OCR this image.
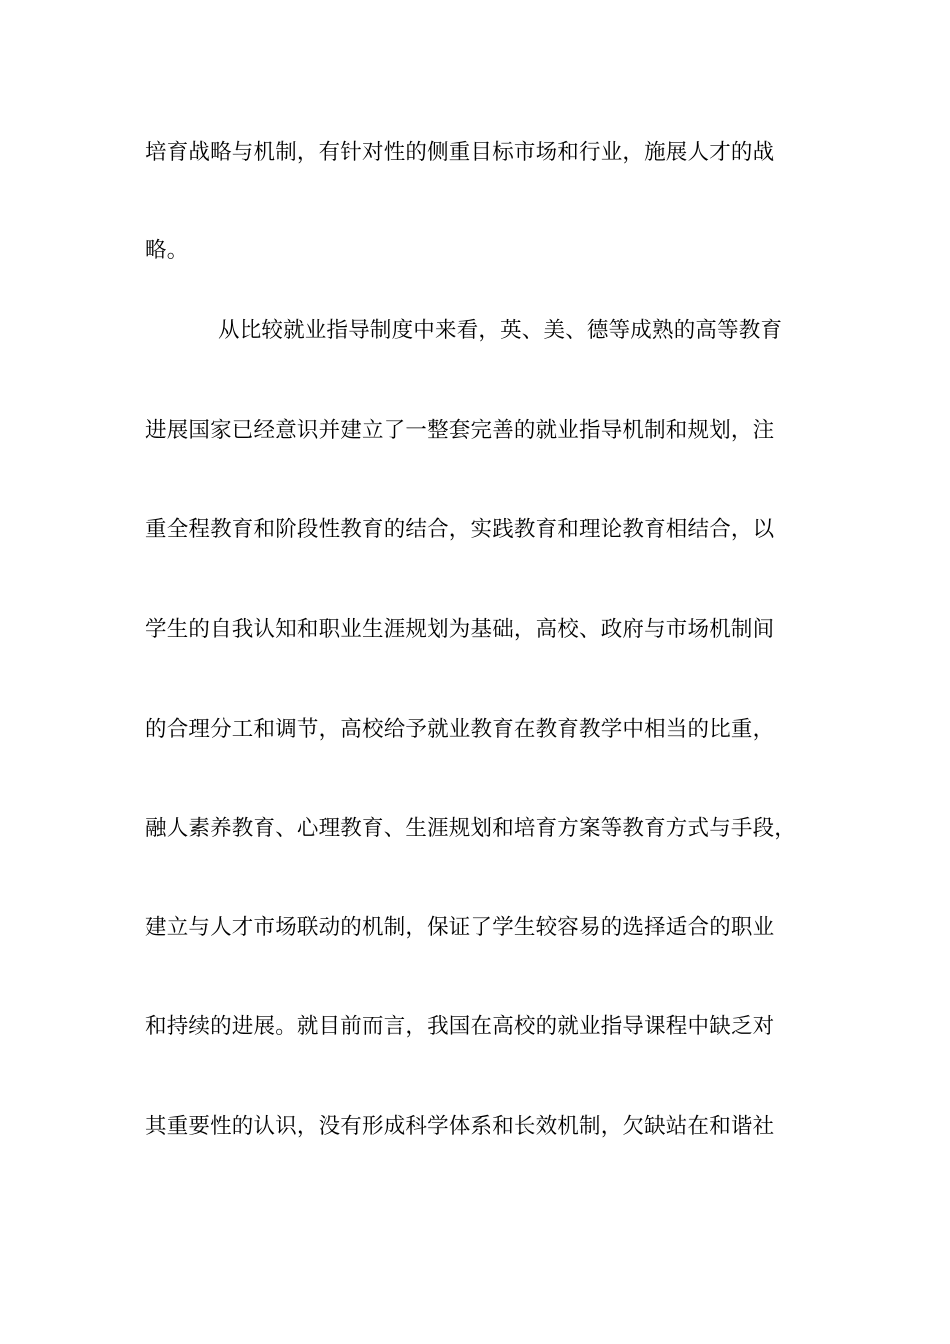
培育战略与机制，有针对性的侧重目标市场和行业，施展人才的战
略。
从比较就业指导制度中来看，英、美、德等成熟的高等教育
进展国家已经意识并建立了一整套完善的就业指导机制和规划，注
重全程教育和阶段性教育的结合，实践教育和理论教育相结合，以
学生的自我认知和职业生涯规划为基础，高校、政府与市场机制间
的合理分工和调节，高校给予就业教育在教育教学中相当的比重，
融人素养教育、心理教育、生涯规划和培育方案等教育方式与手段，
建立与人才市场联动的机制，保证了学生较容易的选择适合的职业
和持续的进展。就目前而言，我国在高校的就业指导课程中缺乏对
其重要性的认识，没有形成科学体系和长效机制，欠缺站在和谐社
